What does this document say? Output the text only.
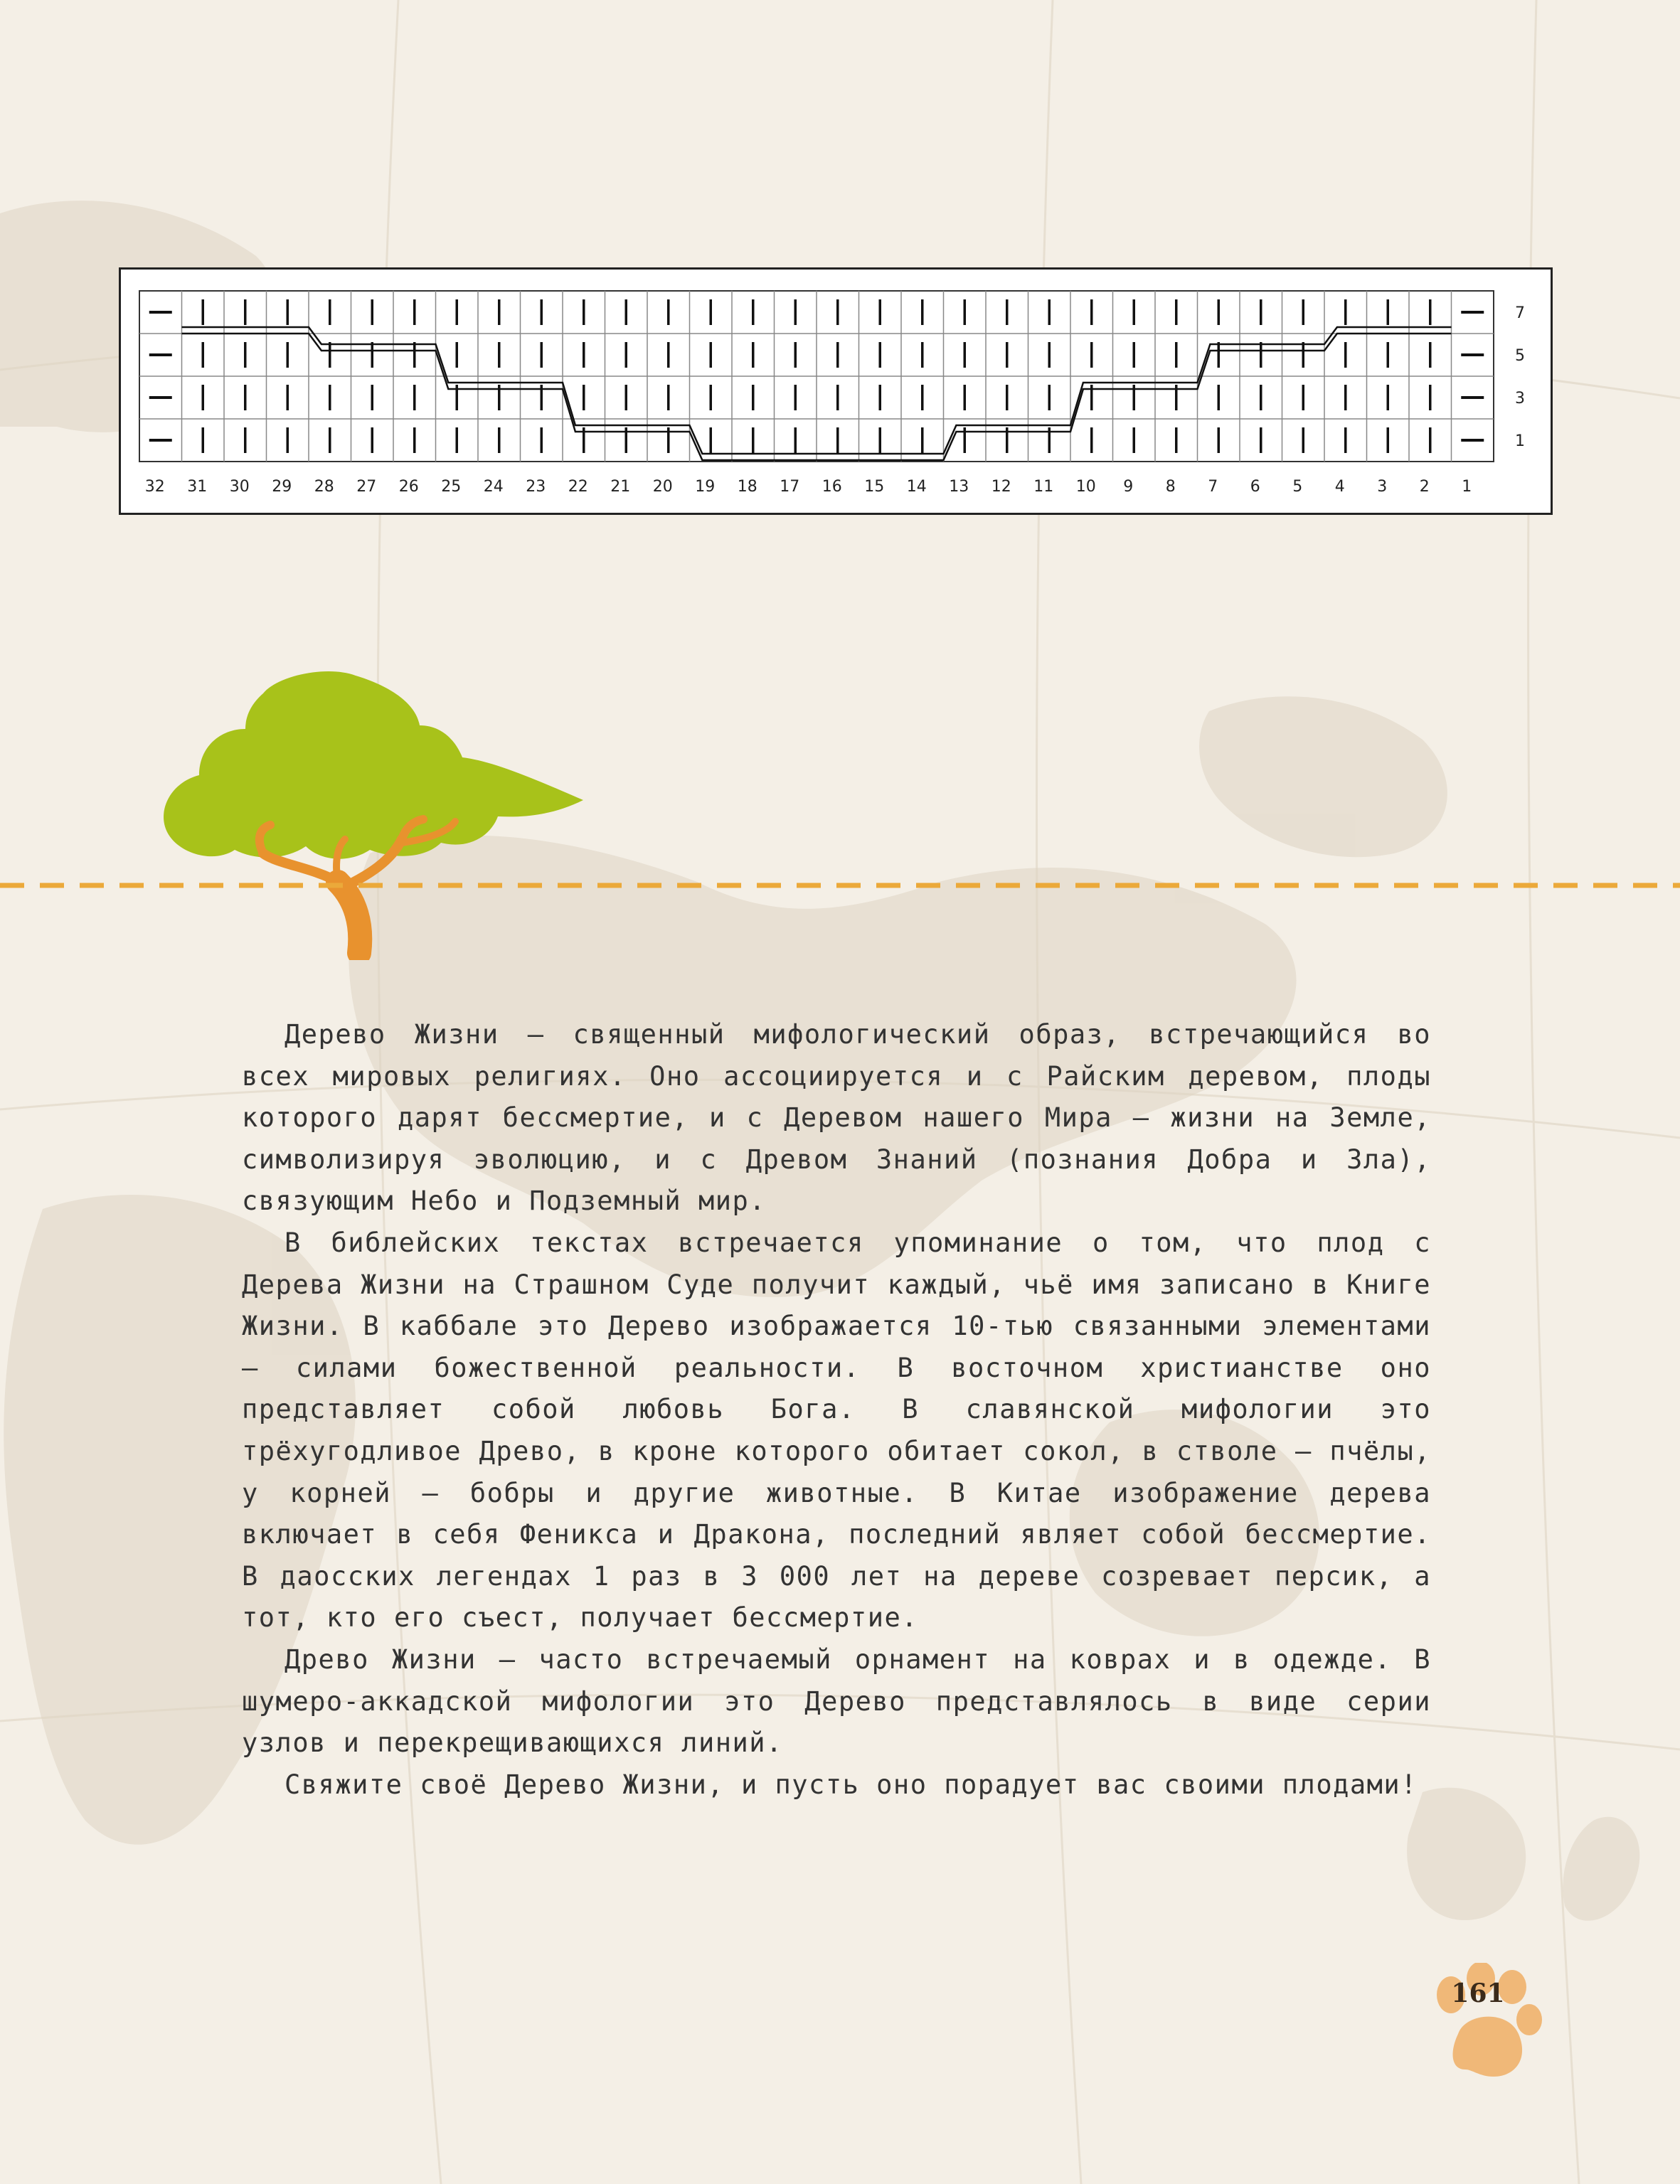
7
5
3
1
32 31 30 29 28 27 26 25 24 23 22 21 20 19 18 17 16 15 14 13 12 11 10 9 8 7 6 5 4 3 2 1

Дерево Жизни – священный мифологический образ, встречающийся во всех мировых религиях. Оно ассоциируется и с Райским деревом, плоды которого дарят бессмертие, и с Деревом нашего Мира – жизни на Земле, символизируя эволюцию, и с Древом Знаний (познания Добра и Зла), связующим Небо и Подземный мир.

В библейских текстах встречается упоминание о том, что плод с Дерева Жизни на Страшном Суде получит каждый, чьё имя записано в Книге Жизни. В каббале это Дерево изображается 10-тью связанными элементами – силами божественной реальности. В восточном христианстве оно представляет собой любовь Бога. В славянской мифологии это трёхугодливое Древо, в кроне которого обитает сокол, в стволе – пчёлы, у корней – бобры и другие животные. В Китае изображение дерева включает в себя Феникса и Дракона, последний являет собой бессмертие. В даосских легендах 1 раз в 3 000 лет на дереве созревает персик, а тот, кто его съест, получает бессмертие.

Древо Жизни – часто встречаемый орнамент на коврах и в одежде. В шумеро-аккадской мифологии это Дерево представлялось в виде серии узлов и перекрещивающихся линий.

Свяжите своё Дерево Жизни, и пусть оно порадует вас своими плодами!

161
